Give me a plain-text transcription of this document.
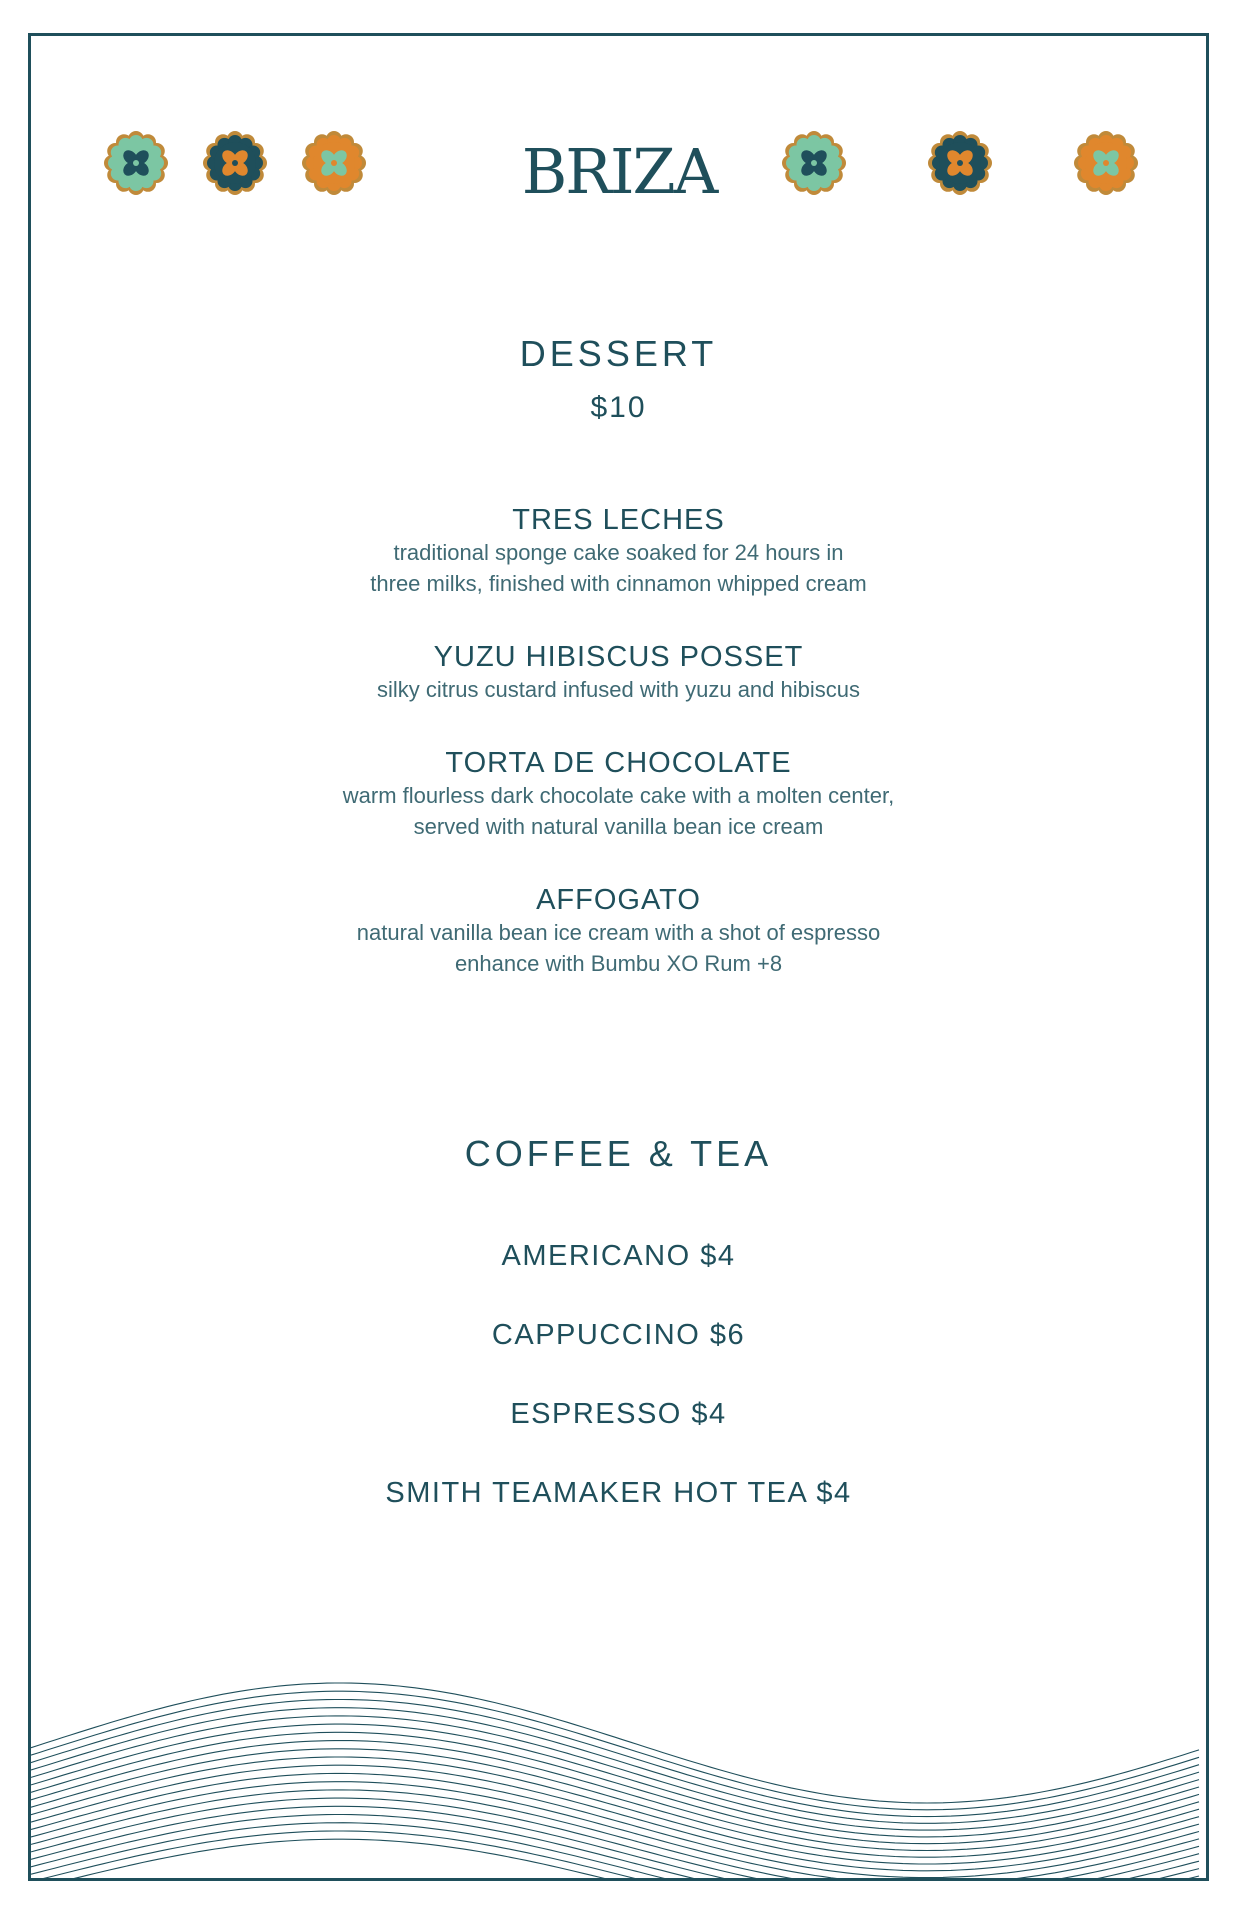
BRIZA
DESSERT
$10
TRES LECHES
traditional sponge cake soaked for 24 hours in
three milks, finished with cinnamon whipped cream
YUZU HIBISCUS POSSET
silky citrus custard infused with yuzu and hibiscus
TORTA DE CHOCOLATE
warm flourless dark chocolate cake with a molten center,
served with natural vanilla bean ice cream
AFFOGATO
natural vanilla bean ice cream with a shot of espresso
enhance with Bumbu XO Rum +8
COFFEE & TEA
AMERICANO $4
CAPPUCCINO $6
ESPRESSO $4
SMITH TEAMAKER HOT TEA $4
